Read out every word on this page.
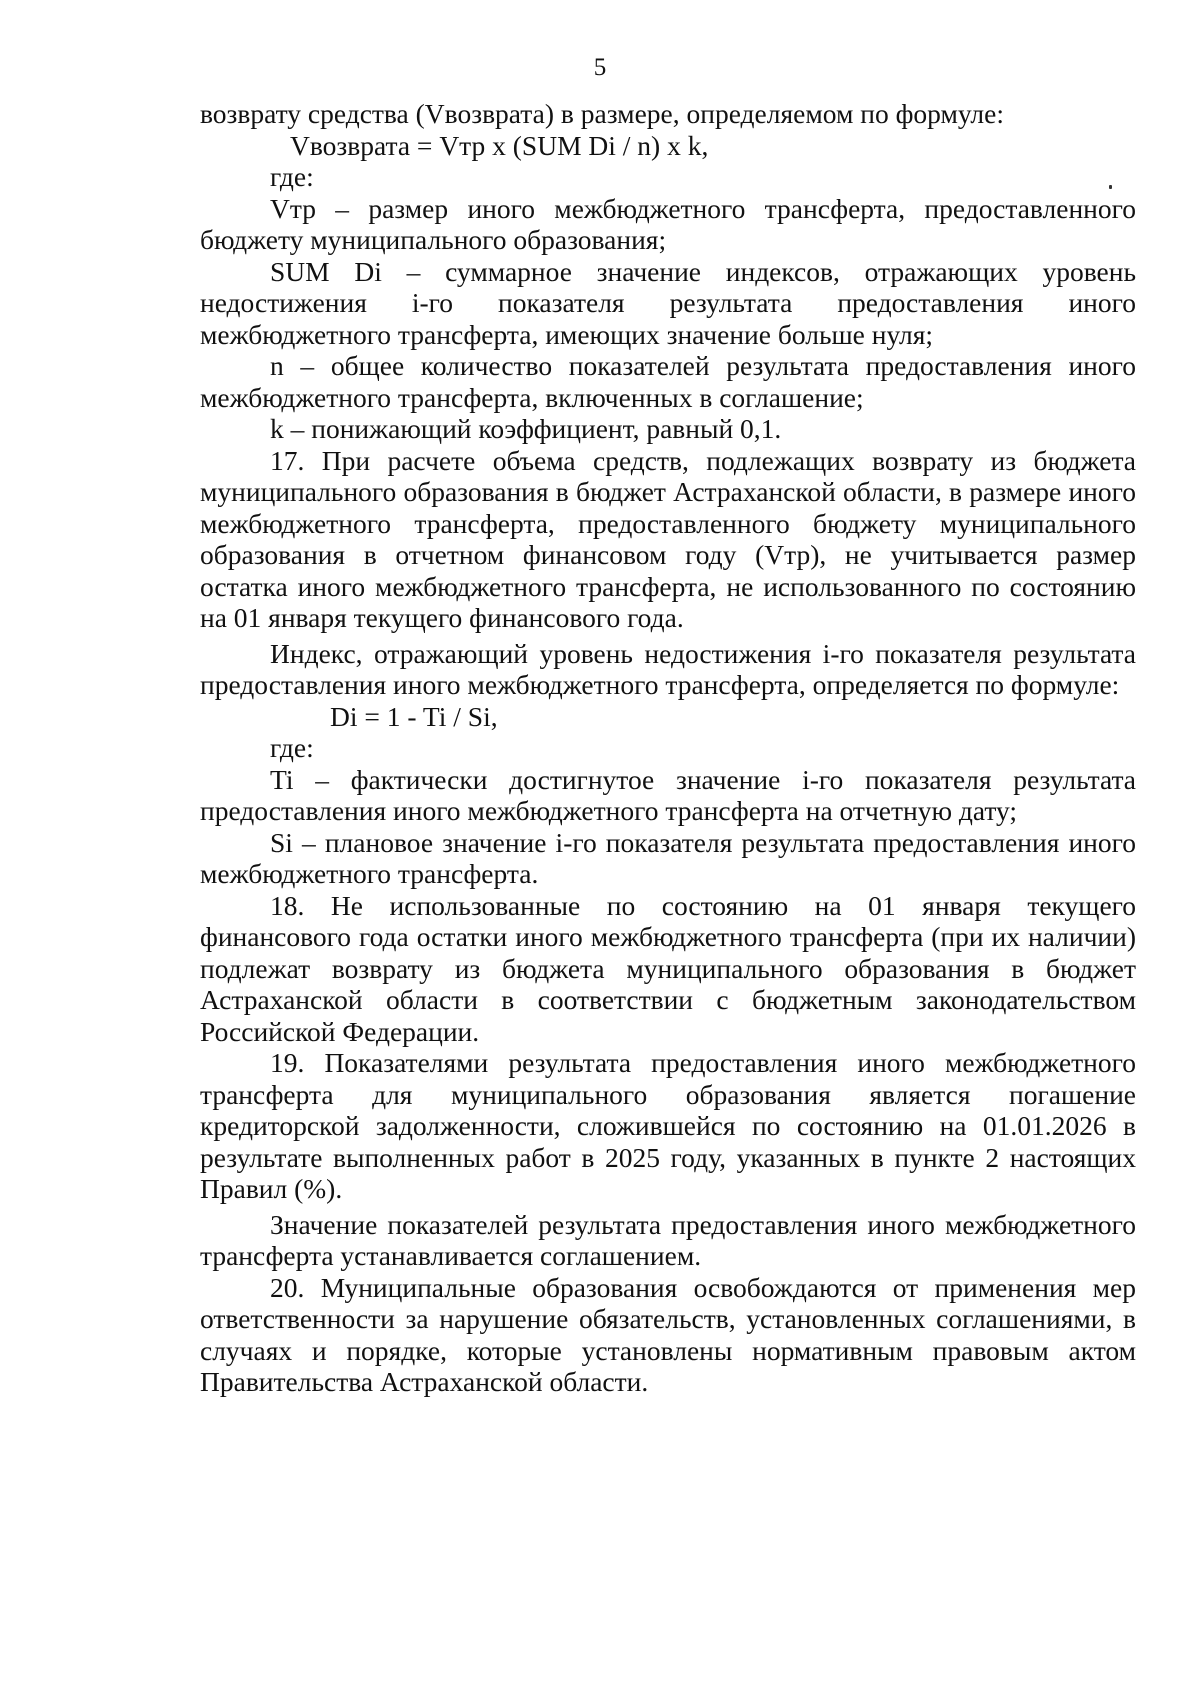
5

возврату средства (Vвозврата) в размере, определяемом по формуле:

Vвозврата = Vтр x (SUM Di / n) x k,

где:

Vтр – размер иного межбюджетного трансферта, предоставленного бюджету муниципального образования;

SUM Di – суммарное значение индексов, отражающих уровень недостижения i-го показателя результата предоставления иного межбюджетного трансферта, имеющих значение больше нуля;

n – общее количество показателей результата предоставления иного межбюджетного трансферта, включенных в соглашение;

k – понижающий коэффициент, равный 0,1.

17. При расчете объема средств, подлежащих возврату из бюджета муниципального образования в бюджет Астраханской области, в размере иного межбюджетного трансферта, предоставленного бюджету муниципального образования в отчетном финансовом году (Vтр), не учитывается размер остатка иного межбюджетного трансферта, не использованного по состоянию на 01 января текущего финансового года.

Индекс, отражающий уровень недостижения i-го показателя результата предоставления иного межбюджетного трансферта, определяется по формуле:

Di = 1 - Ti / Si,

где:

Ti – фактически достигнутое значение i-го показателя результата предоставления иного межбюджетного трансферта на отчетную дату;

Si – плановое значение i-го показателя результата предоставления иного межбюджетного трансферта.

18. Не использованные по состоянию на 01 января текущего финансового года остатки иного межбюджетного трансферта (при их наличии) подлежат возврату из бюджета муниципального образования в бюджет Астраханской области в соответствии с бюджетным законодательством Российской Федерации.

19. Показателями результата предоставления иного межбюджетного трансферта для муниципального образования является погашение кредиторской задолженности, сложившейся по состоянию на 01.01.2026 в результате выполненных работ в 2025 году, указанных в пункте 2 настоящих Правил (%).

Значение показателей результата предоставления иного межбюджетного трансферта устанавливается соглашением.

20. Муниципальные образования освобождаются от применения мер ответственности за нарушение обязательств, установленных соглашениями, в случаях и порядке, которые установлены нормативным правовым актом Правительства Астраханской области.
